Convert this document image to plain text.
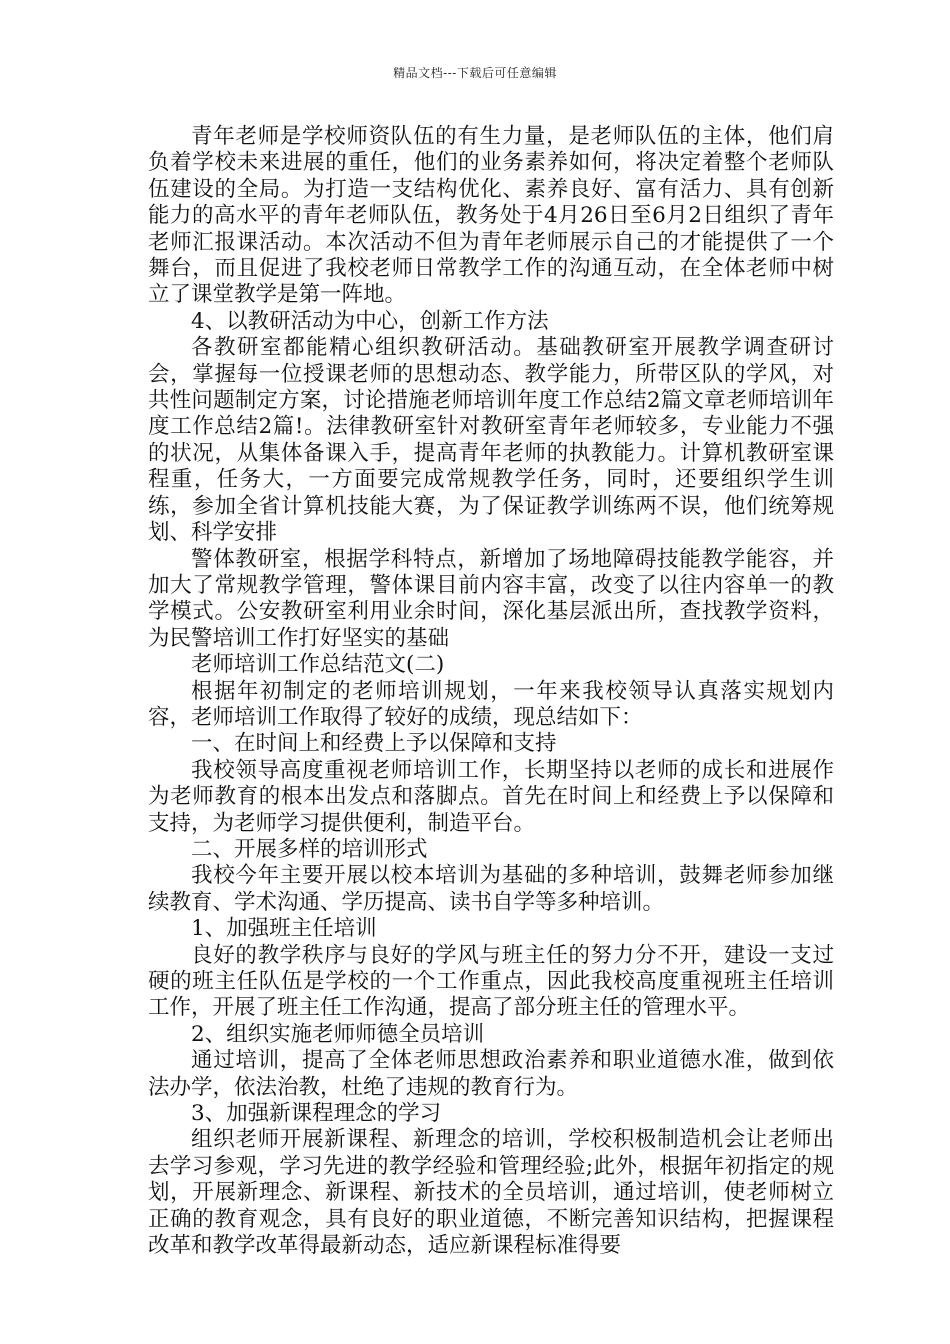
精品文档---下载后可任意编辑

青年老师是学校师资队伍的有生力量，是老师队伍的主体，他们肩负着学校未来进展的重任，他们的业务素养如何，将决定着整个老师队伍建设的全局。为打造一支结构优化、素养良好、富有活力、具有创新能力的高水平的青年老师队伍，教务处于4月26日至6月2日组织了青年老师汇报课活动。本次活动不但为青年老师展示自己的才能提供了一个舞台，而且促进了我校老师日常教学工作的沟通互动，在全体老师中树立了课堂教学是第一阵地。

4、以教研活动为中心，创新工作方法

各教研室都能精心组织教研活动。基础教研室开展教学调查研讨会，掌握每一位授课老师的思想动态、教学能力，所带区队的学风，对共性问题制定方案，讨论措施老师培训年度工作总结2篇文章老师培训年度工作总结2篇!。法律教研室针对教研室青年老师较多，专业能力不强的状况，从集体备课入手，提高青年老师的执教能力。计算机教研室课程重，任务大，一方面要完成常规教学任务，同时，还要组织学生训练，参加全省计算机技能大赛，为了保证教学训练两不误，他们统筹规划、科学安排

警体教研室，根据学科特点，新增加了场地障碍技能教学能容，并加大了常规教学管理，警体课目前内容丰富，改变了以往内容单一的教学模式。公安教研室利用业余时间，深化基层派出所，查找教学资料，为民警培训工作打好坚实的基础

老师培训工作总结范文(二)

根据年初制定的老师培训规划，一年来我校领导认真落实规划内容，老师培训工作取得了较好的成绩，现总结如下：

一、在时间上和经费上予以保障和支持

我校领导高度重视老师培训工作，长期坚持以老师的成长和进展作为老师教育的根本出发点和落脚点。首先在时间上和经费上予以保障和支持，为老师学习提供便利，制造平台。

二、开展多样的培训形式

我校今年主要开展以校本培训为基础的多种培训，鼓舞老师参加继续教育、学术沟通、学历提高、读书自学等多种培训。

1、加强班主任培训

良好的教学秩序与良好的学风与班主任的努力分不开，建设一支过硬的班主任队伍是学校的一个工作重点，因此我校高度重视班主任培训工作，开展了班主任工作沟通，提高了部分班主任的管理水平。

2、组织实施老师师德全员培训

通过培训，提高了全体老师思想政治素养和职业道德水准，做到依法办学，依法治教，杜绝了违规的教育行为。

3、加强新课程理念的学习

组织老师开展新课程、新理念的培训，学校积极制造机会让老师出去学习参观，学习先进的教学经验和管理经验;此外，根据年初指定的规划，开展新理念、新课程、新技术的全员培训，通过培训，使老师树立正确的教育观念，具有良好的职业道德，不断完善知识结构，把握课程改革和教学改革得最新动态，适应新课程标准得要
